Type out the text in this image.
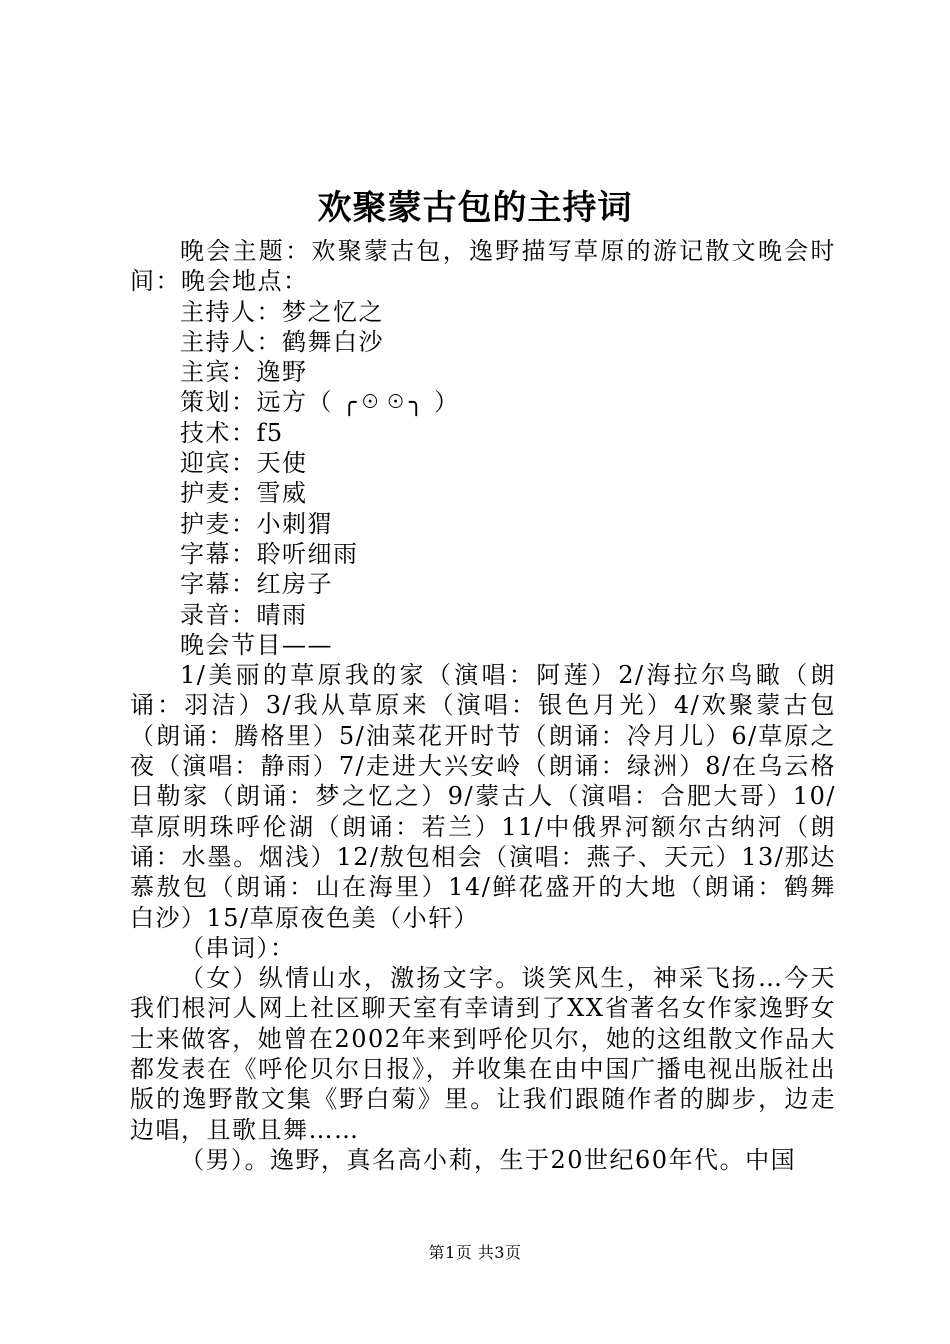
欢聚蒙古包的主持词

晚会主题：欢聚蒙古包，逸野描写草原的游记散文晚会时间：晚会地点：

主持人：梦之忆之

主持人：鹤舞白沙

主宾：逸野

策划：远方（ ╭☉☉╮ ）

技术：f5

迎宾：天使

护麦：雪威

护麦：小刺猬

字幕：聆听细雨

字幕：红房子

录音：晴雨

晚会节目——

1/美丽的草原我的家（演唱：阿莲）2/海拉尔鸟瞰（朗诵：羽洁）3/我从草原来（演唱：银色月光）4/欢聚蒙古包（朗诵：腾格里）5/油菜花开时节（朗诵：冷月儿）6/草原之夜（演唱：静雨）7/走进大兴安岭（朗诵：绿洲）8/在乌云格日勒家（朗诵：梦之忆之）9/蒙古人（演唱：合肥大哥）10/草原明珠呼伦湖（朗诵：若兰）11/中俄界河额尔古纳河（朗诵：水墨。烟浅）12/敖包相会（演唱：燕子、天元）13/那达慕敖包（朗诵：山在海里）14/鲜花盛开的大地（朗诵：鹤舞白沙）15/草原夜色美（小轩）

（串词）：

（女）纵情山水，激扬文字。谈笑风生，神采飞扬…今天我们根河人网上社区聊天室有幸请到了XX省著名女作家逸野女士来做客，她曾在2002年来到呼伦贝尔，她的这组散文作品大都发表在《呼伦贝尔日报》，并收集在由中国广播电视出版社出版的逸野散文集《野白菊》里。让我们跟随作者的脚步，边走边唱，且歌且舞……

（男）。逸野，真名高小莉，生于20世纪60年代。中国

第1页 共3页
